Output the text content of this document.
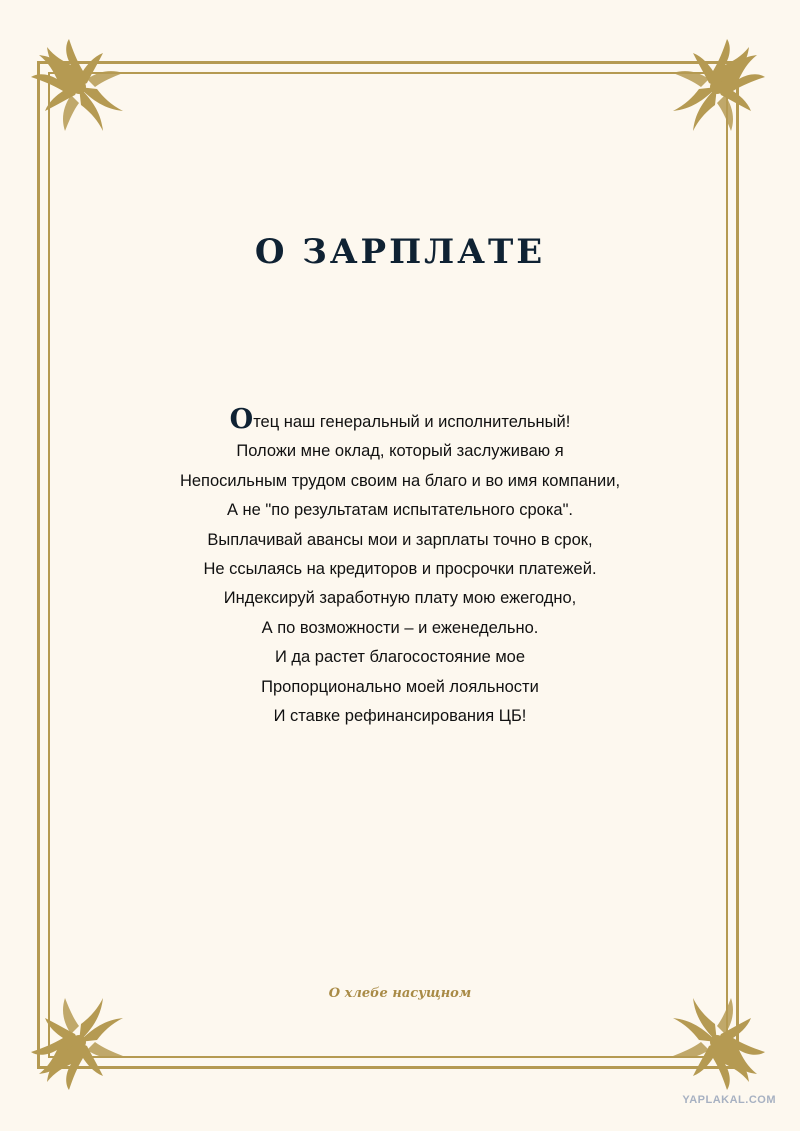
О ЗАРПЛАТЕ
Отец наш генеральный и исполнительный!
Положи мне оклад, который заслуживаю я
Непосильным трудом своим на благо и во имя компании,
А не "по результатам испытательного срока".
Выплачивай авансы мои и зарплаты точно в срок,
Не ссылаясь на кредиторов и просрочки платежей.
Индексируй заработную плату мою ежегодно,
А по возможности – и еженедельно.
И да растет благосостояние мое
Пропорционально моей лояльности
И ставке рефинансирования ЦБ!
О хлебе насущном
YAPLAKAL.COM
